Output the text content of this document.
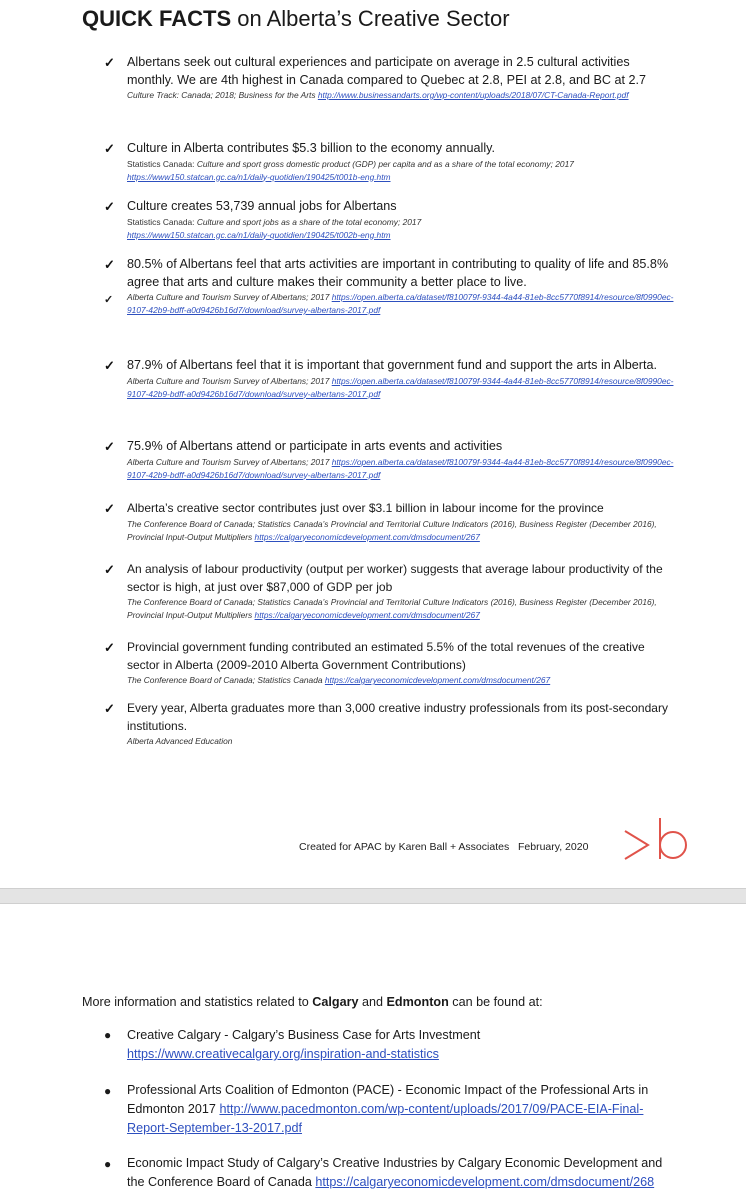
QUICK FACTS on Alberta’s Creative Sector
✓ Albertans seek out cultural experiences and participate on average in 2.5 cultural activities monthly. We are 4th highest in Canada compared to Quebec at 2.8, PEI at 2.8, and BC at 2.7
Culture Track: Canada; 2018; Business for the Arts http://www.businessandarts.org/wp-content/uploads/2018/07/CT-Canada-Report.pdf
✓ Culture in Alberta contributes $5.3 billion to the economy annually.
Statistics Canada: Culture and sport gross domestic product (GDP) per capita and as a share of the total economy; 2017
https://www150.statcan.gc.ca/n1/daily-quotidien/190425/t001b-eng.htm
✓ Culture creates 53,739 annual jobs for Albertans
Statistics Canada: Culture and sport jobs as a share of the total economy; 2017
https://www150.statcan.gc.ca/n1/daily-quotidien/190425/t002b-eng.htm
✓
✓
80.5% of Albertans feel that arts activities are important in contributing to quality of life and 85.8% agree that arts and culture makes their community a better place to live.
Alberta Culture and Tourism Survey of Albertans; 2017 https://open.alberta.ca/dataset/f810079f-9344-4a44-81eb-8cc5770f8914/resource/8f0990ec-9107-42b9-bdff-a0d9426b16d7/download/survey-albertans-2017.pdf
✓ 87.9% of Albertans feel that it is important that government fund and support the arts in Alberta.
Alberta Culture and Tourism Survey of Albertans; 2017 https://open.alberta.ca/dataset/f810079f-9344-4a44-81eb-8cc5770f8914/resource/8f0990ec-9107-42b9-bdff-a0d9426b16d7/download/survey-albertans-2017.pdf
✓ 75.9% of Albertans attend or participate in arts events and activities
Alberta Culture and Tourism Survey of Albertans; 2017 https://open.alberta.ca/dataset/f810079f-9344-4a44-81eb-8cc5770f8914/resource/8f0990ec-9107-42b9-bdff-a0d9426b16d7/download/survey-albertans-2017.pdf
✓ Alberta’s creative sector contributes just over $3.1 billion in labour income for the province
The Conference Board of Canada; Statistics Canada’s Provincial and Territorial Culture Indicators (2016), Business Register (December 2016), Provincial Input-Output Multipliers https://calgaryeconomicdevelopment.com/dmsdocument/267
✓ An analysis of labour productivity (output per worker) suggests that average labour productivity of the sector is high, at just over $87,000 of GDP per job
The Conference Board of Canada; Statistics Canada’s Provincial and Territorial Culture Indicators (2016), Business Register (December 2016), Provincial Input-Output Multipliers https://calgaryeconomicdevelopment.com/dmsdocument/267
✓ Provincial government funding contributed an estimated 5.5% of the total revenues of the creative sector in Alberta (2009-2010 Alberta Government Contributions)
The Conference Board of Canada; Statistics Canada https://calgaryeconomicdevelopment.com/dmsdocument/267
✓ Every year, Alberta graduates more than 3,000 creative industry professionals from its post-secondary institutions.
Alberta Advanced Education
Created for APAC by Karen Ball + Associates February, 2020
More information and statistics related to Calgary and Edmonton can be found at:
● Creative Calgary - Calgary’s Business Case for Arts Investment
https://www.creativecalgary.org/inspiration-and-statistics
● Professional Arts Coalition of Edmonton (PACE) - Economic Impact of the Professional Arts in Edmonton 2017 http://www.pacedmonton.com/wp-content/uploads/2017/09/PACE-EIA-Final-Report-September-13-2017.pdf
● Economic Impact Study of Calgary’s Creative Industries by Calgary Economic Development and the Conference Board of Canada https://calgaryeconomicdevelopment.com/dmsdocument/268
